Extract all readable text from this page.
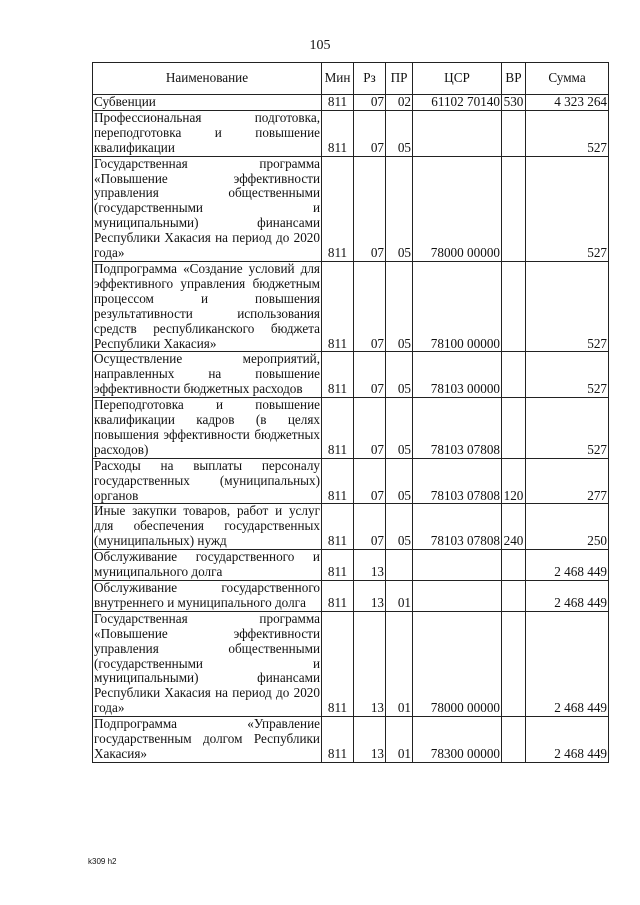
105
Наименование	Мин	Рз	ПР	ЦСР	ВР	Сумма
Субвенции	811	07	02	61102 70140	530	4 323 264
Профессиональная подготовка, переподготовка и повышение квалификации	811	07	05			527
Государственная программа «Повышение эффективности управления общественными (государственными и муниципальными) финансами Республики Хакасия на период до 2020 года»	811	07	05	78000 00000		527
Подпрограмма «Создание условий для эффективного управления бюджетным процессом и повышения результативности использования средств республиканского бюджета Республики Хакасия»	811	07	05	78100 00000		527
Осуществление мероприятий, направленных на повышение эффективности бюджетных расходов	811	07	05	78103 00000		527
Переподготовка и повышение квалификации кадров (в целях повышения эффективности бюджетных расходов)	811	07	05	78103 07808		527
Расходы на выплаты персоналу государственных (муниципальных) органов	811	07	05	78103 07808	120	277
Иные закупки товаров, работ и услуг для обеспечения государственных (муниципальных) нужд	811	07	05	78103 07808	240	250
Обслуживание государственного и муниципального долга	811	13				2 468 449
Обслуживание государственного внутреннего и муниципального долга	811	13	01			2 468 449
Государственная программа «Повышение эффективности управления общественными (государственными и муниципальными) финансами Республики Хакасия на период до 2020 года»	811	13	01	78000 00000		2 468 449
Подпрограмма «Управление государственным долгом Республики Хакасия»	811	13	01	78300 00000		2 468 449
k309 h2
